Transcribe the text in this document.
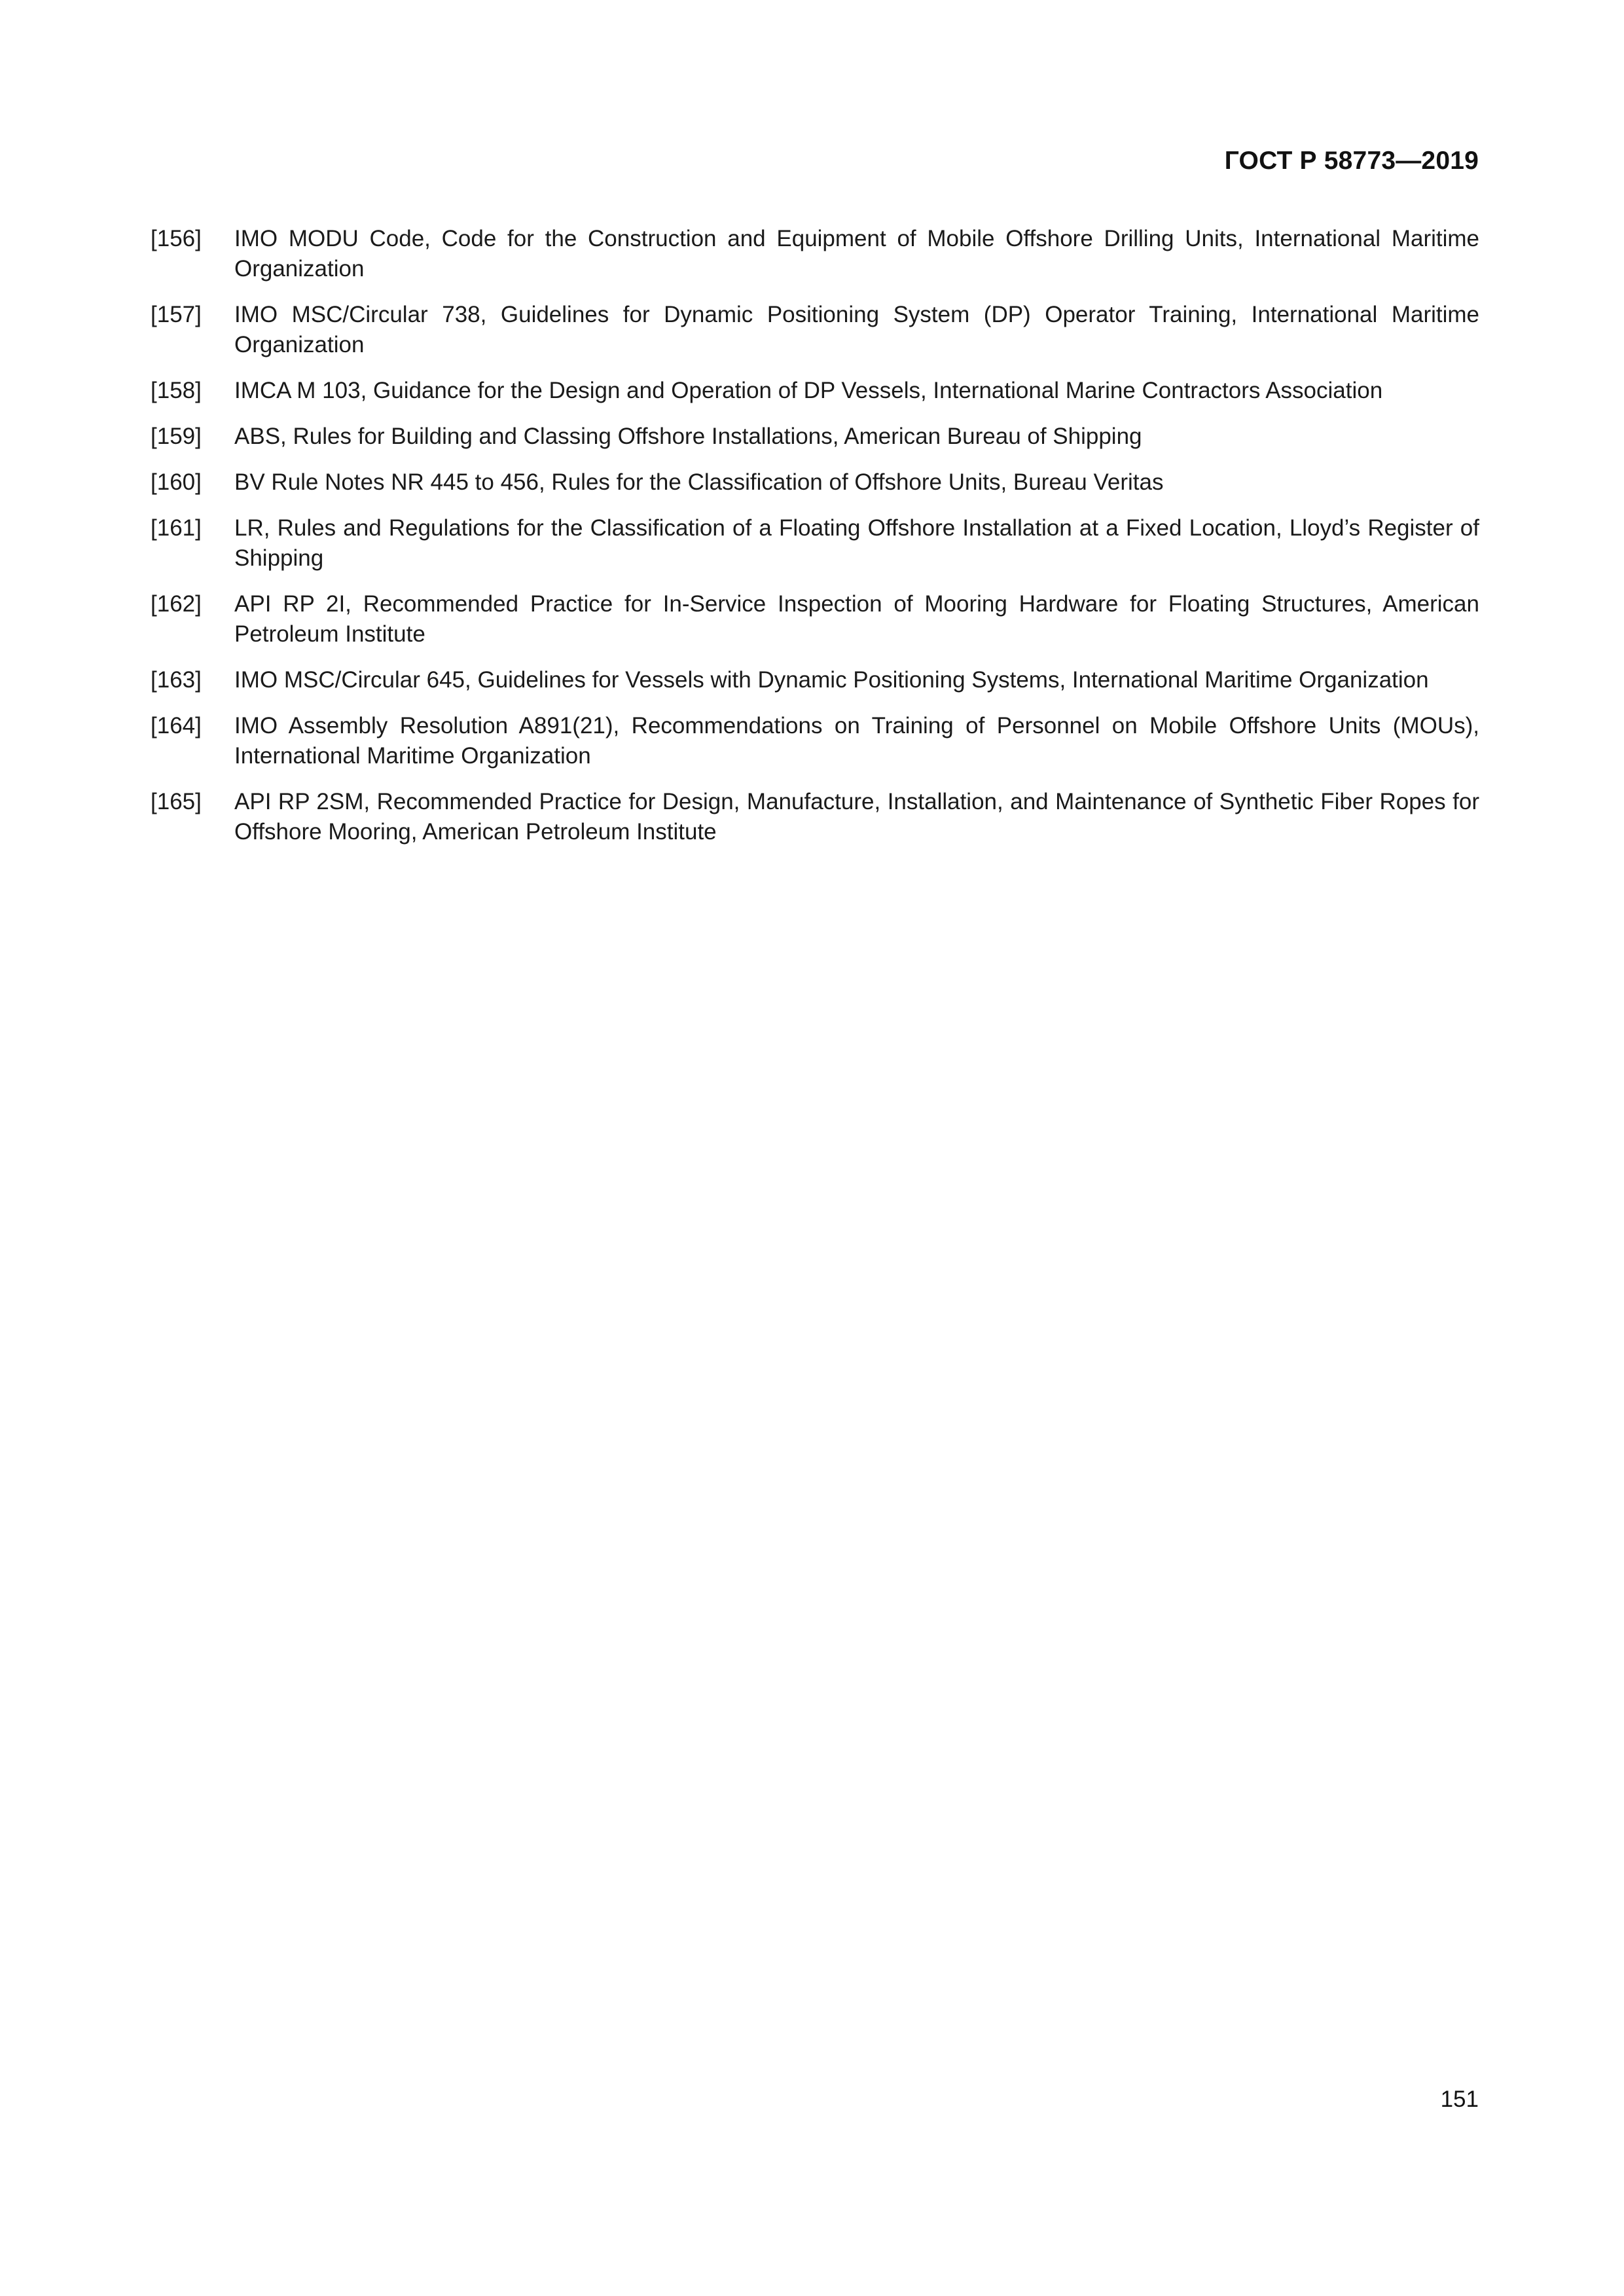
ГОСТ Р 58773—2019
[156]	IMO MODU Code, Code for the Construction and Equipment of Mobile Offshore Drilling Units, International Maritime Organization
[157]	IMO MSC/Circular 738, Guidelines for Dynamic Positioning System (DP) Operator Training, International Maritime Organization
[158]	IMCA M 103, Guidance for the Design and Operation of DP Vessels, International Marine Contractors Association
[159]	ABS, Rules for Building and Classing Offshore Installations, American Bureau of Shipping
[160]	BV Rule Notes NR 445 to 456, Rules for the Classification of Offshore Units, Bureau Veritas
[161]	LR, Rules and Regulations for the Classification of a Floating Offshore Installation at a Fixed Location, Lloyd’s Register of Shipping
[162]	API RP 2I, Recommended Practice for In-Service Inspection of Mooring Hardware for Floating Structures, American Petroleum Institute
[163]	IMO MSC/Circular 645, Guidelines for Vessels with Dynamic Positioning Systems, International Maritime Organization
[164]	IMO Assembly Resolution A891(21), Recommendations on Training of Personnel on Mobile Offshore Units (MOUs), International Maritime Organization
[165]	API RP 2SM, Recommended Practice for Design, Manufacture, Installation, and Maintenance of Synthetic Fiber Ropes for Offshore Mooring, American Petroleum Institute
151
